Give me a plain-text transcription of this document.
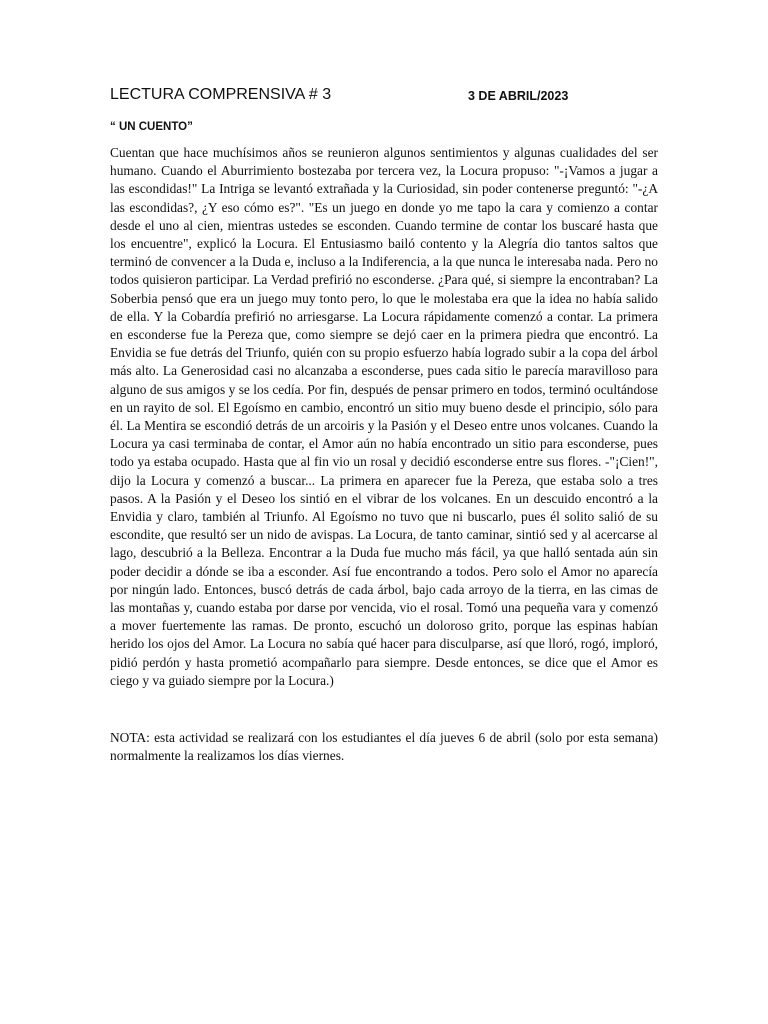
LECTURA COMPRENSIVA # 3	3 DE ABRIL/2023
“ UN CUENTO”

Cuentan que hace muchísimos años se reunieron algunos sentimientos y algunas cualidades del ser humano. Cuando el Aburrimiento bostezaba por tercera vez, la Locura propuso: "-¡Vamos a jugar a las escondidas!" La Intriga se levantó extrañada y la Curiosidad, sin poder contenerse preguntó: "-¿A las escondidas?, ¿Y eso cómo es?". "Es un juego en donde yo me tapo la cara y comienzo a contar desde el uno al cien, mientras ustedes se esconden. Cuando termine de contar los buscaré hasta que los encuentre", explicó la Locura. El Entusiasmo bailó contento y la Alegría dio tantos saltos que terminó de convencer a la Duda e, incluso a la Indiferencia, a la que nunca le interesaba nada. Pero no todos quisieron participar. La Verdad prefirió no esconderse. ¿Para qué, si siempre la encontraban? La Soberbia pensó que era un juego muy tonto pero, lo que le molestaba era que la idea no había salido de ella. Y la Cobardía prefirió no arriesgarse. La Locura rápidamente comenzó a contar. La primera en esconderse fue la Pereza que, como siempre se dejó caer en la primera piedra que encontró. La Envidia se fue detrás del Triunfo, quién con su propio esfuerzo había logrado subir a la copa del árbol más alto. La Generosidad casi no alcanzaba a esconderse, pues cada sitio le parecía maravilloso para alguno de sus amigos y se los cedía. Por fin, después de pensar primero en todos, terminó ocultándose en un rayito de sol. El Egoísmo en cambio, encontró un sitio muy bueno desde el principio, sólo para él. La Mentira se escondió detrás de un arcoiris y la Pasión y el Deseo entre unos volcanes. Cuando la Locura ya casi terminaba de contar, el Amor aún no había encontrado un sitio para esconderse, pues todo ya estaba ocupado. Hasta que al fin vio un rosal y decidió esconderse entre sus flores. -"¡Cien!", dijo la Locura y comenzó a buscar... La primera en aparecer fue la Pereza, que estaba solo a tres pasos. A la Pasión y el Deseo los sintió en el vibrar de los volcanes. En un descuido encontró a la Envidia y claro, también al Triunfo. Al Egoísmo no tuvo que ni buscarlo, pues él solito salió de su escondite, que resultó ser un nido de avispas. La Locura, de tanto caminar, sintió sed y al acercarse al lago, descubrió a la Belleza. Encontrar a la Duda fue mucho más fácil, ya que halló sentada aún sin poder decidir a dónde se iba a esconder. Así fue encontrando a todos. Pero solo el Amor no aparecía por ningún lado. Entonces, buscó detrás de cada árbol, bajo cada arroyo de la tierra, en las cimas de las montañas y, cuando estaba por darse por vencida, vio el rosal. Tomó una pequeña vara y comenzó a mover fuertemente las ramas. De pronto, escuchó un doloroso grito, porque las espinas habían herido los ojos del Amor. La Locura no sabía qué hacer para disculparse, así que lloró, rogó, imploró, pidió perdón y hasta prometió acompañarlo para siempre. Desde entonces, se dice que el Amor es ciego y va guiado siempre por la Locura.)

NOTA: esta actividad se realizará con los estudiantes el día jueves 6 de abril (solo por esta semana) normalmente la realizamos los días viernes.
